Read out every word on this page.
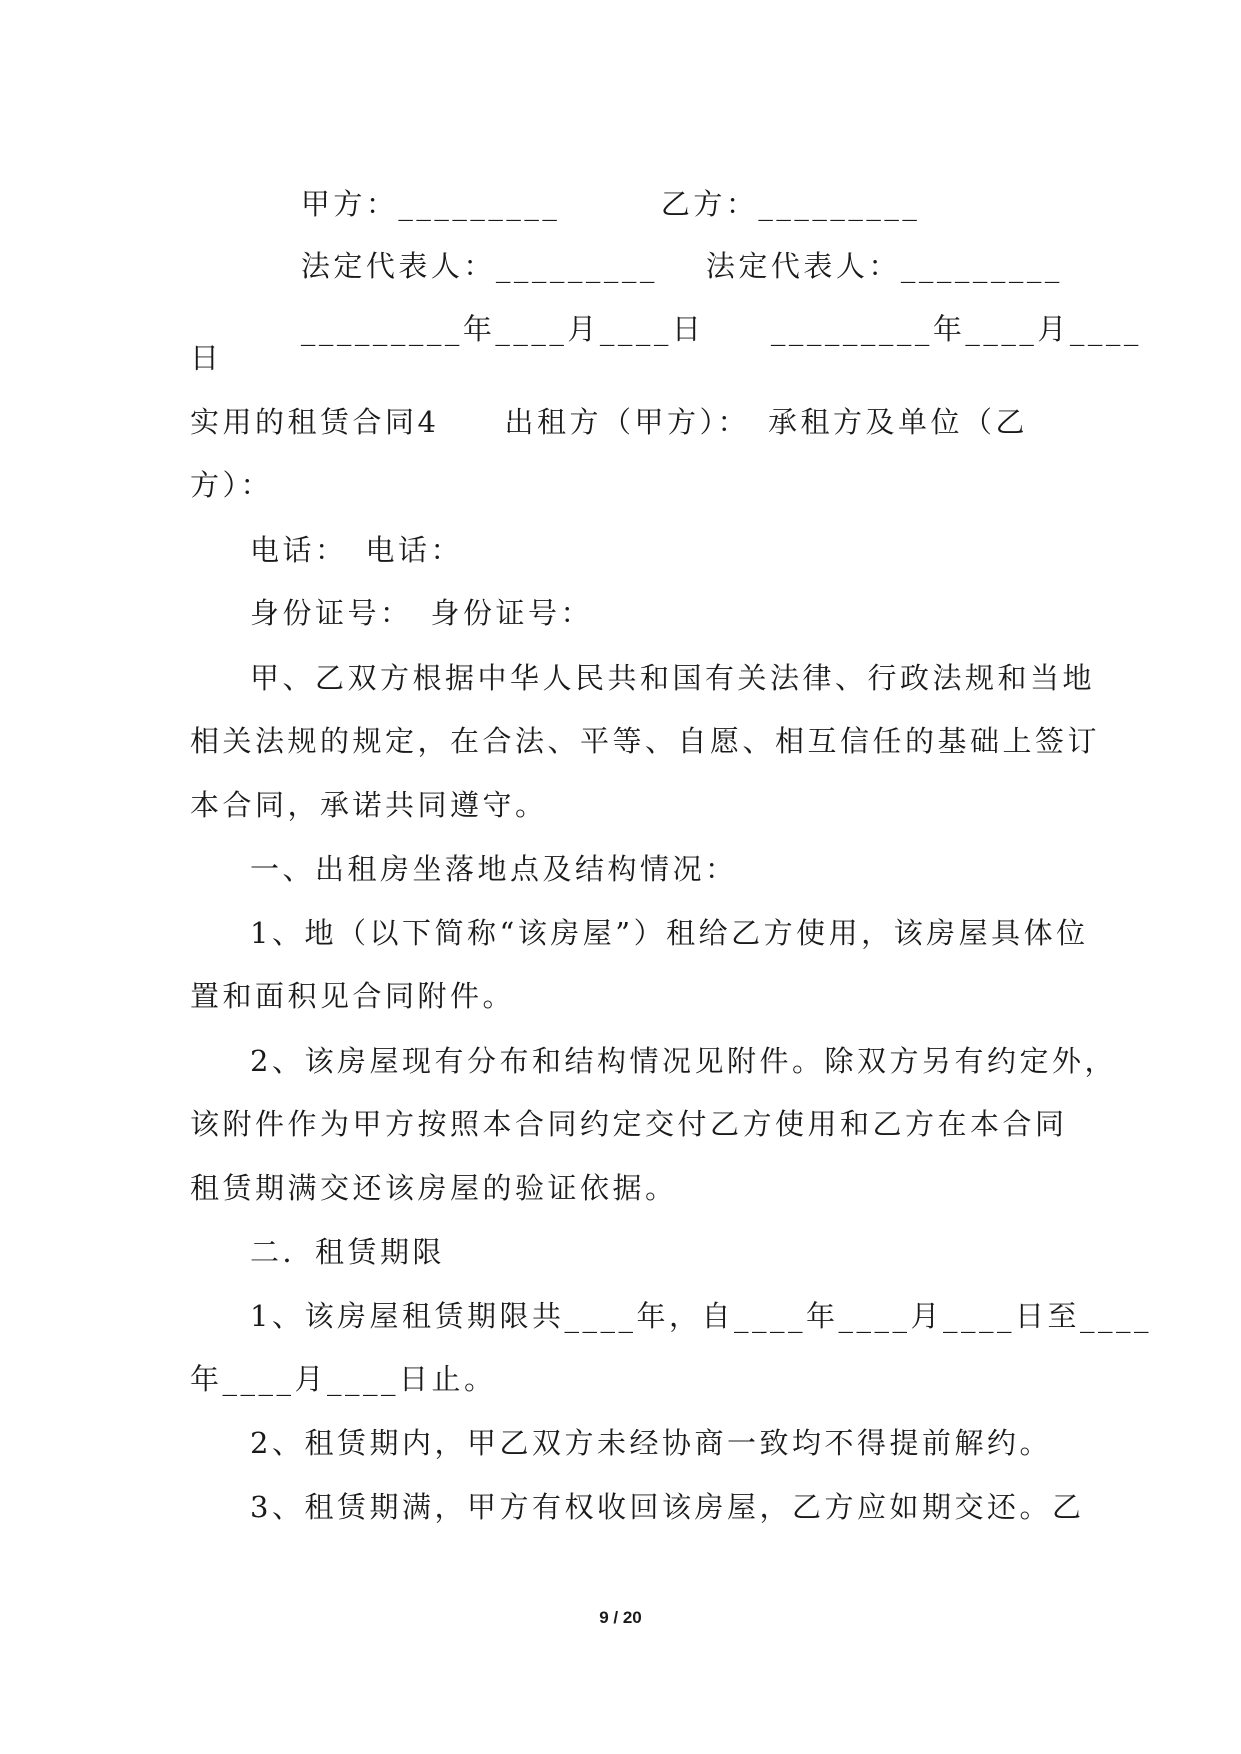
甲方：_________
	乙方：_________

法定代表人：_________
	法定代表人：_________

_________年____月____日
	_________年____月____

日
实用的租赁合同4　　出租方（甲方）：　承租方及单位（乙
方）：
电话：　电话：
身份证号：　身份证号：
甲、乙双方根据中华人民共和国有关法律、行政法规和当地
相关法规的规定，在合法、平等、自愿、相互信任的基础上签订
本合同，承诺共同遵守。
一、出租房坐落地点及结构情况：
1、地（以下简称“该房屋”）租给乙方使用，该房屋具体位
置和面积见合同附件。
2、该房屋现有分布和结构情况见附件。除双方另有约定外，
该附件作为甲方按照本合同约定交付乙方使用和乙方在本合同
租赁期满交还该房屋的验证依据。
二．租赁期限
1、该房屋租赁期限共____年，自____年____月____日至____
年____月____日止。
2、租赁期内，甲乙双方未经协商一致均不得提前解约。
3、租赁期满，甲方有权收回该房屋，乙方应如期交还。乙
9 / 20
